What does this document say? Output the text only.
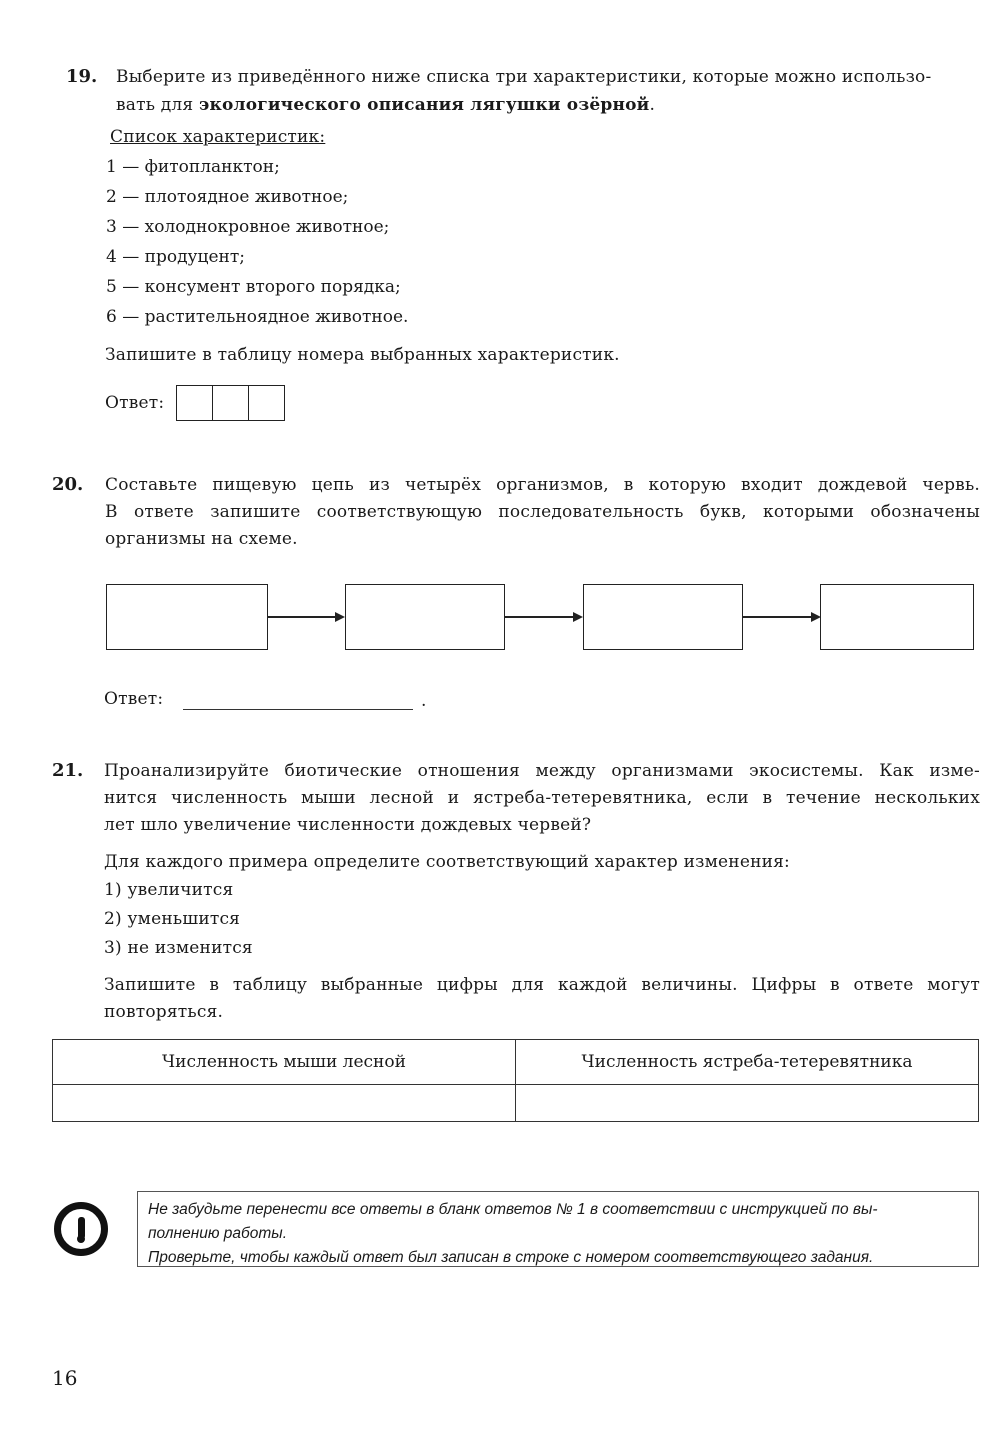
19. Выберите из приведённого ниже списка три характеристики, которые можно использо-
вать для экологического описания лягушки озёрной.
Список характеристик:
1 — фитопланктон;
2 — плотоядное животное;
3 — холоднокровное животное;
4 — продуцент;
5 — консумент второго порядка;
6 — растительноядное животное.
Запишите в таблицу номера выбранных характеристик.
Ответ:
20. Составьте пищевую цепь из четырёх организмов, в которую входит дождевой червь.
В ответе запишите соответствующую последовательность букв, которыми обозначены
организмы на схеме.
Ответ:	.
21. Проанализируйте биотические отношения между организмами экосистемы. Как изме-
нится численность мыши лесной и ястреба-тетеревятника, если в течение нескольких
лет шло увеличение численности дождевых червей?
Для каждого примера определите соответствующий характер изменения:
1) увеличится
2) уменьшится
3) не изменится
Запишите в таблицу выбранные цифры для каждой величины. Цифры в ответе могут
повторяться.
Численность мыши лесной	Численность ястреба-тетеревятника

Не забудьте перенести все ответы в бланк ответов № 1 в соответствии с инструкцией по вы-
полнению работы.
Проверьте, чтобы каждый ответ был записан в строке с номером соответствующего задания.
16
